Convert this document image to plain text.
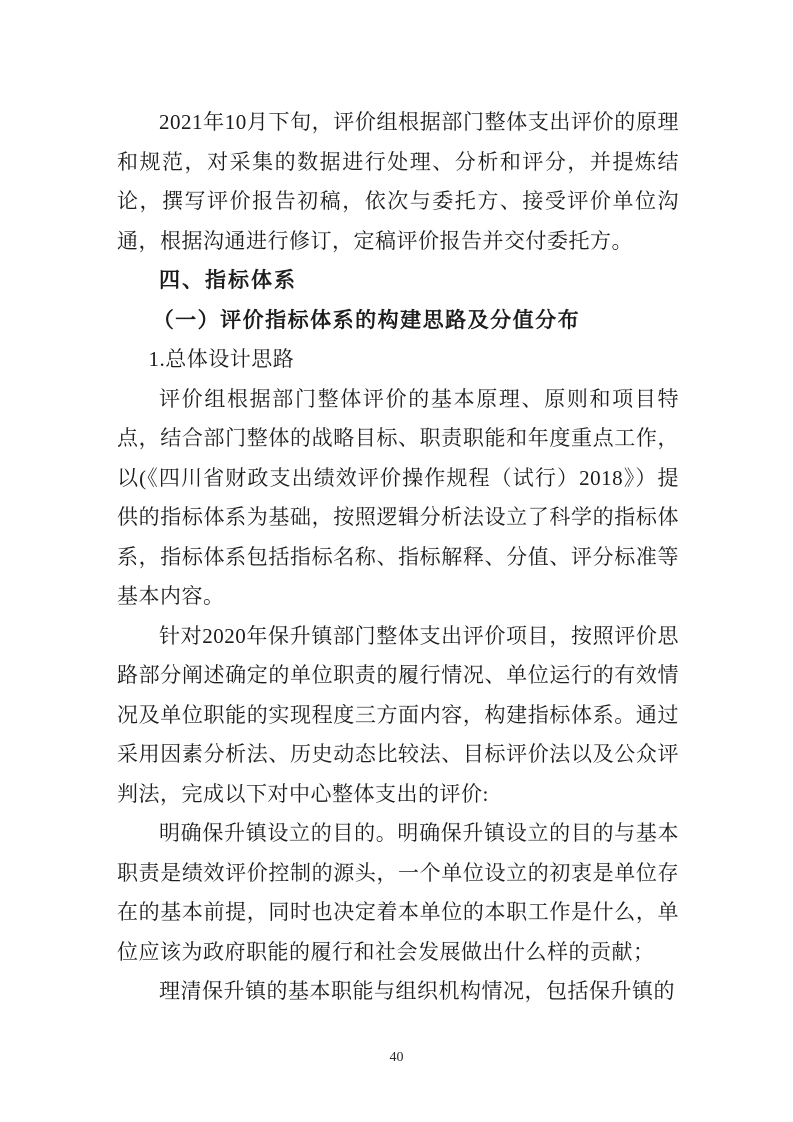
2021年10月下旬，评价组根据部门整体支出评价的原理和规范，对采集的数据进行处理、分析和评分，并提炼结论，撰写评价报告初稿，依次与委托方、接受评价单位沟通，根据沟通进行修订，定稿评价报告并交付委托方。

四、指标体系

（一）评价指标体系的构建思路及分值分布

1.总体设计思路

评价组根据部门整体评价的基本原理、原则和项目特点，结合部门整体的战略目标、职责职能和年度重点工作，以(《四川省财政支出绩效评价操作规程（试行）2018》）提供的指标体系为基础，按照逻辑分析法设立了科学的指标体系，指标体系包括指标名称、指标解释、分值、评分标准等基本内容。

针对2020年保升镇部门整体支出评价项目，按照评价思路部分阐述确定的单位职责的履行情况、单位运行的有效情况及单位职能的实现程度三方面内容，构建指标体系。通过采用因素分析法、历史动态比较法、目标评价法以及公众评判法，完成以下对中心整体支出的评价:

明确保升镇设立的目的。明确保升镇设立的目的与基本职责是绩效评价控制的源头，一个单位设立的初衷是单位存在的基本前提，同时也决定着本单位的本职工作是什么，单位应该为政府职能的履行和社会发展做出什么样的贡献；

理清保升镇的基本职能与组织机构情况，包括保升镇的

40
